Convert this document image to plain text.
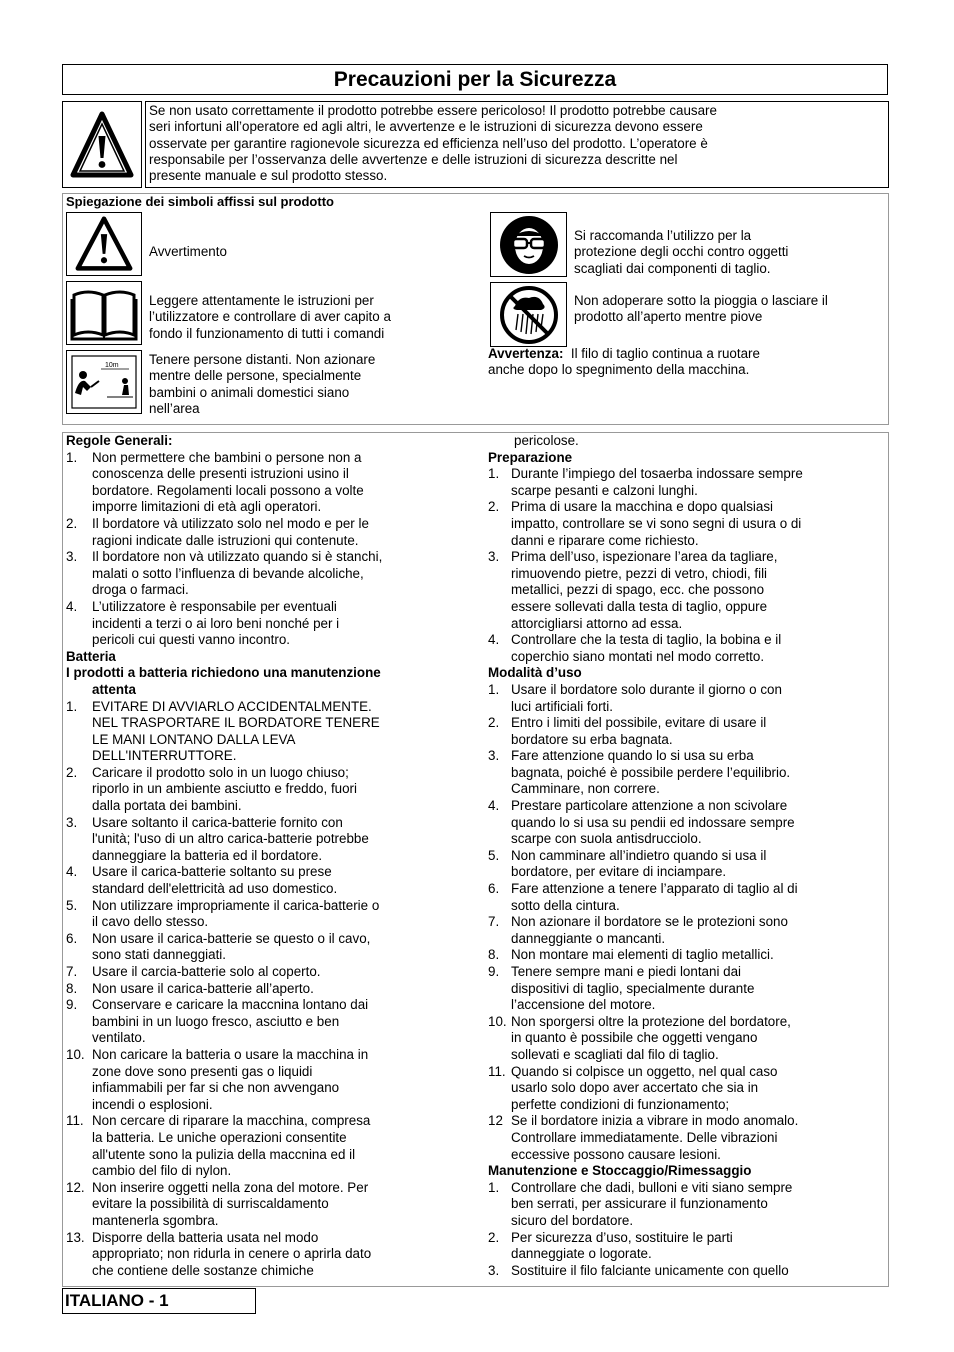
Precauzioni per la Sicurezza
Se non usato correttamente il prodotto potrebbe essere pericoloso! Il prodotto potrebbe causare
seri infortuni all’operatore ed agli altri, le avvertenze e le istruzioni di sicurezza devono essere
osservate per garantire ragionevole sicurezza ed efficienza nell’uso del prodotto. L’operatore è
responsabile per l’osservanza delle avvertenze e delle istruzioni di sicurezza descritte nel
presente manuale e sul prodotto stesso.
Spiegazione dei simboli affissi sul prodotto
Avvertimento
Leggere attentamente le istruzioni per
l’utilizzatore e controllare di aver capito a
fondo il funzionamento di tutti i comandi
10m Tenere persone distanti. Non azionare
mentre delle persone, specialmente
bambini o animali domestici siano
nell’area
Si raccomanda l’utilizzo per la
protezione degli occhi contro oggetti
scagliati dai componenti di taglio.
Non adoperare sotto la pioggia o lasciare il
prodotto all’aperto mentre piove
Avvertenza:  Il filo di taglio continua a ruotare
anche dopo lo spegnimento della macchina.
Regole Generali:
1.	Non permettere che bambini o persone non a
conoscenza delle presenti istruzioni usino il
bordatore. Regolamenti locali possono a volte
imporre limitazioni di età agli operatori.
2.	Il bordatore và utilizzato solo nel modo e per le
ragioni indicate dalle istruzioni qui contenute.
3.	Il bordatore non và utilizzato quando si è stanchi,
malati o sotto l’influenza di bevande alcoliche,
droga o farmaci.
4.	L’utilizzatore è responsabile per eventuali
incidenti a terzi o ai loro beni nonché per i
pericoli cui questi vanno incontro.
Batteria
I prodotti a batteria richiedono una manutenzione
attenta
1.	EVITARE DI AVVIARLO ACCIDENTALMENTE.
NEL TRASPORTARE IL BORDATORE TENERE
LE MANI LONTANO DALLA LEVA
DELL'INTERRUTTORE.
2.	Caricare il prodotto solo in un luogo chiuso;
riporlo in un ambiente asciutto e freddo, fuori
dalla portata dei bambini.
3.	Usare soltanto il carica-batterie fornito con
l'unità; l'uso di un altro carica-batterie potrebbe
danneggiare la batteria ed il bordatore.
4.	Usare il carica-batterie soltanto su prese
standard dell'elettricità ad uso domestico.
5.	Non utilizzare impropriamente il carica-batterie o
il cavo dello stesso.
6.	Non usare il carica-batterie se questo o il cavo,
sono stati danneggiati.
7.	Usare il carcia-batterie solo al coperto.
8.	Non usare il carica-batterie all’aperto.
9.	Conservare e caricare la maccnina lontano dai
bambini in un luogo fresco, asciutto e ben
ventilato.
10. Non caricare la batteria o usare la macchina in
zone dove sono presenti gas o liquidi
infiammabili per far si che non avvengano
incendi o esplosioni.
11. Non cercare di riparare la macchina, compresa
la batteria. Le uniche operazioni consentite
all'utente sono la pulizia della maccnina ed il
cambio del filo di nylon.
12. Non inserire oggetti nella zona del motore. Per
evitare la possibilità di surriscaldamento
mantenerla sgombra.
13. Disporre della batteria usata nel modo
appropriato; non ridurla in cenere o aprirla dato
che contiene delle sostanze chimiche
pericolose.
Preparazione
1. Durante l’impiego del tosaerba indossare sempre
scarpe pesanti e calzoni lunghi.
2. Prima di usare la macchina e dopo qualsiasi
impatto, controllare se vi sono segni di usura o di
danni e riparare come richiesto.
3. Prima dell’uso, ispezionare l’area da tagliare,
rimuovendo pietre, pezzi di vetro, chiodi, fili
metallici, pezzi di spago, ecc. che possono
essere sollevati dalla testa di taglio, oppure
attorcigliarsi attorno ad essa.
4. Controllare che la testa di taglio, la bobina e il
coperchio siano montati nel modo corretto.
Modalità d’uso
1. Usare il bordatore solo durante il giorno o con
luci artificiali forti.
2. Entro i limiti del possibile, evitare di usare il
bordatore su erba bagnata.
3. Fare attenzione quando lo si usa su erba
bagnata, poiché è possibile perdere l’equilibrio.
Camminare, non correre.
4. Prestare particolare attenzione a non scivolare
quando lo si usa su pendii ed indossare sempre
scarpe con suola antisdrucciolo.
5. Non camminare all’indietro quando si usa il
bordatore, per evitare di inciampare.
6. Fare attenzione a tenere l’apparato di taglio al di
sotto della cintura.
7. Non azionare il bordatore se le protezioni sono
danneggiante o mancanti.
8. Non montare mai elementi di taglio metallici.
9. Tenere sempre mani e piedi lontani dai
dispositivi di taglio, specialmente durante
l’accensione del motore.
10. Non sporgersi oltre la protezione del bordatore,
in quanto è possibile che oggetti vengano
sollevati e scagliati dal filo di taglio.
11. Quando si colpisce un oggetto, nel qual caso
usarlo solo dopo aver accertato che sia in
perfette condizioni di funzionamento;
12 Se il bordatore inizia a vibrare in modo anomalo.
Controllare immediatamente. Delle vibrazioni
eccessive possono causare lesioni.
Manutenzione e Stoccaggio/Rimessaggio
1. Controllare che dadi, bulloni e viti siano sempre
ben serrati, per assicurare il funzionamento
sicuro del bordatore.
2. Per sicurezza d’uso, sostituire le parti
danneggiate o logorate.
3. Sostituire il filo falciante unicamente con quello
ITALIANO - 1
